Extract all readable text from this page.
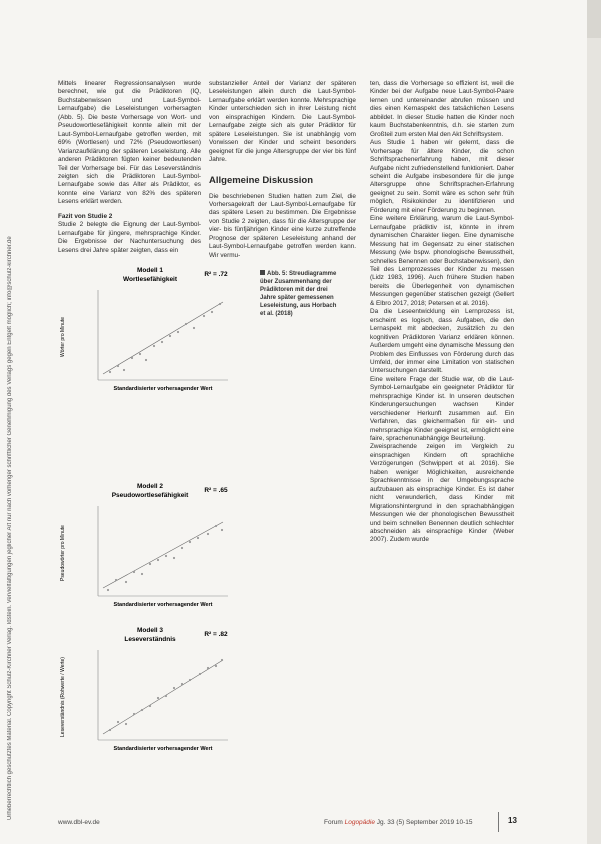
Urheberrechtlich geschütztes Material. Copyright Schulz-Kirchner Verlag. Idstein. Vervielfältigungen jeglicher Art nur nach vorheriger schriftlicher Genehmigung des Verlags gegen Entgelt möglich; info@schulz-kirchner.de

Mittels linearer Regressionsanalysen wurde berechnet, wie gut die Prädiktoren (IQ, Buchstabenwissen und Laut-Symbol-Lernaufgabe) die Leseleistungen vorhersagten (Abb. 5). Die beste Vorhersage von Wort- und Pseudowortlesefähigkeit konnte allein mit der Laut-Symbol-Lernaufgabe getroffen werden, mit 69% (Wortlesen) und 72% (Pseudowortlesen) Varianzaufklärung der späteren Leseleistung. Alle anderen Prädiktoren fügten keiner bedeutenden Teil der Vorhersage bei. Für das Leseverständnis zeigten sich die Prädiktoren Laut-Symbol-Lernaufgabe sowie das Alter als Prädiktor, es konnte eine Varianz von 82% des späteren Lesens erklärt werden.

Fazit von Studie 2

Studie 2 belegte die Eignung der Laut-Symbol-Lernaufgabe für jüngere, mehrsprachige Kinder. Die Ergebnisse der Nachuntersuchung des Lesens drei Jahre später zeigten, dass ein

substanzieller Anteil der Varianz der späteren Leseleistungen allein durch die Laut-Symbol-Lernaufgabe erklärt werden konnte. Mehrsprachige Kinder unterschieden sich in ihrer Leistung nicht von einsprachigen Kindern. Die Laut-Symbol-Lernaufgabe zeigte sich als guter Prädiktor für spätere Leseleistungen. Sie ist unabhängig vom Vorwissen der Kinder und scheint besonders geeignet für die junge Altersgruppe der vier bis fünf Jahre.

Allgemeine Diskussion

Die beschriebenen Studien hatten zum Ziel, die Vorhersagekraft der Laut-Symbol-Lernaufgabe für das spätere Lesen zu bestimmen. Die Ergebnisse von Studie 2 zeigten, dass für die Altersgruppe der vier- bis fünfjährigen Kinder eine kurze zutreffende Prognose der späteren Leseleistung anhand der Laut-Symbol-Lernaufgabe getroffen werden kann. Wir vermu-

ten, dass die Vorhersage so effizient ist, weil die Kinder bei der Aufgabe neue Laut-Symbol-Paare lernen und untereinander abrufen müssen und dies einen Kernaspekt des tatsächlichen Lesens abbildet. In dieser Studie hatten die Kinder noch kaum Buchstabenkenntnis, d.h. sie starten zum Großteil zum ersten Mal den Akt Schriftsystem.

Aus Studie 1 haben wir gelernt, dass die Vorhersage für ältere Kinder, die schon Schriftsprachenerfahrung haben, mit dieser Aufgabe nicht zufriedenstellend funktioniert. Daher scheint die Aufgabe insbesondere für die junge Altersgruppe ohne Schriftsprachen-Erfahrung geeignet zu sein. Somit wäre es schon sehr früh möglich, Risikokinder zu identifizieren und Förderung mit einer Förderung zu beginnen.

Eine weitere Erklärung, warum die Laut-Symbol-Lernaufgabe prädiktiv ist, könnte in ihrem dynamischen Charakter liegen. Eine dynamische Messung hat im Gegensatz zu einer statischen Messung (wie bspw. phonologische Bewusstheit, schnelles Benennen oder Buchstabenwissen), den Teil des Lernprozesses der Kinder zu messen (Lidz 1983, 1996). Auch frühere Studien haben bereits die Überlegenheit von dynamischen Messungen gegenüber statischen gezeigt (Gellert & Elbro 2017, 2018; Petersen et al. 2016).

Da die Leseentwicklung ein Lernprozess ist, erscheint es logisch, dass Aufgaben, die den Lernaspekt mit abdecken, zusätzlich zu den kognitiven Prädiktoren Varianz erklären können. Außerdem umgeht eine dynamische Messung den Problem des Einflusses von Förderung durch das Umfeld, der immer eine Limitation von statischen Untersuchungen darstellt.

Eine weitere Frage der Studie war, ob die Laut-Symbol-Lernaufgabe ein geeigneter Prädiktor für mehrsprachige Kinder ist. In unseren deutschen Kinderungersuchungen wachsen Kinder verschiedener Herkunft zusammen auf. Ein Verfahren, das gleichermaßen für ein- und mehrsprachige Kinder geeignet ist, ermöglicht eine faire, sprachenunabhängige Beurteilung.

Zweisprachende zeigen im Vergleich zu einsprachigen Kindern oft sprachliche Verzögerungen (Schwippert et al. 2016). Sie haben weniger Möglichkeiten, ausreichende Sprachkenntnisse in der Umgebungssprache aufzubauen als einsprachige Kinder. Es ist daher nicht verwunderlich, dass Kinder mit Migrationshintergrund in den sprachabhängigen Messungen wie der phonologischen Bewusstheit und beim schnellen Benennen deutlich schlechter abschneiden als einsprachige Kinder (Weber 2007). Zudem wurde

Modell 1
Wortlesefähigkeit
R² = .72
Wörter pro Minute
Standardisierter vorhersagender Wert
Modell 2
Pseudowortlesefähigkeit
R² = .65
Pseudowörter pro Minute
Standardisierter vorhersagender Wert
Modell 3
Leseverständnis
R² = .82
Leseverständnis (Rohwerte / Werte)
Standardisierter vorhersagender Wert
Abb. 5: Streudiagramme über Zusammenhang der Prädiktoren mit der drei Jahre später gemessenen Leseleistung, aus Horbach et al. (2018)
www.dbl-ev.de	Forum Logopädie Jg. 33 (5) September 2019 10-15	13
